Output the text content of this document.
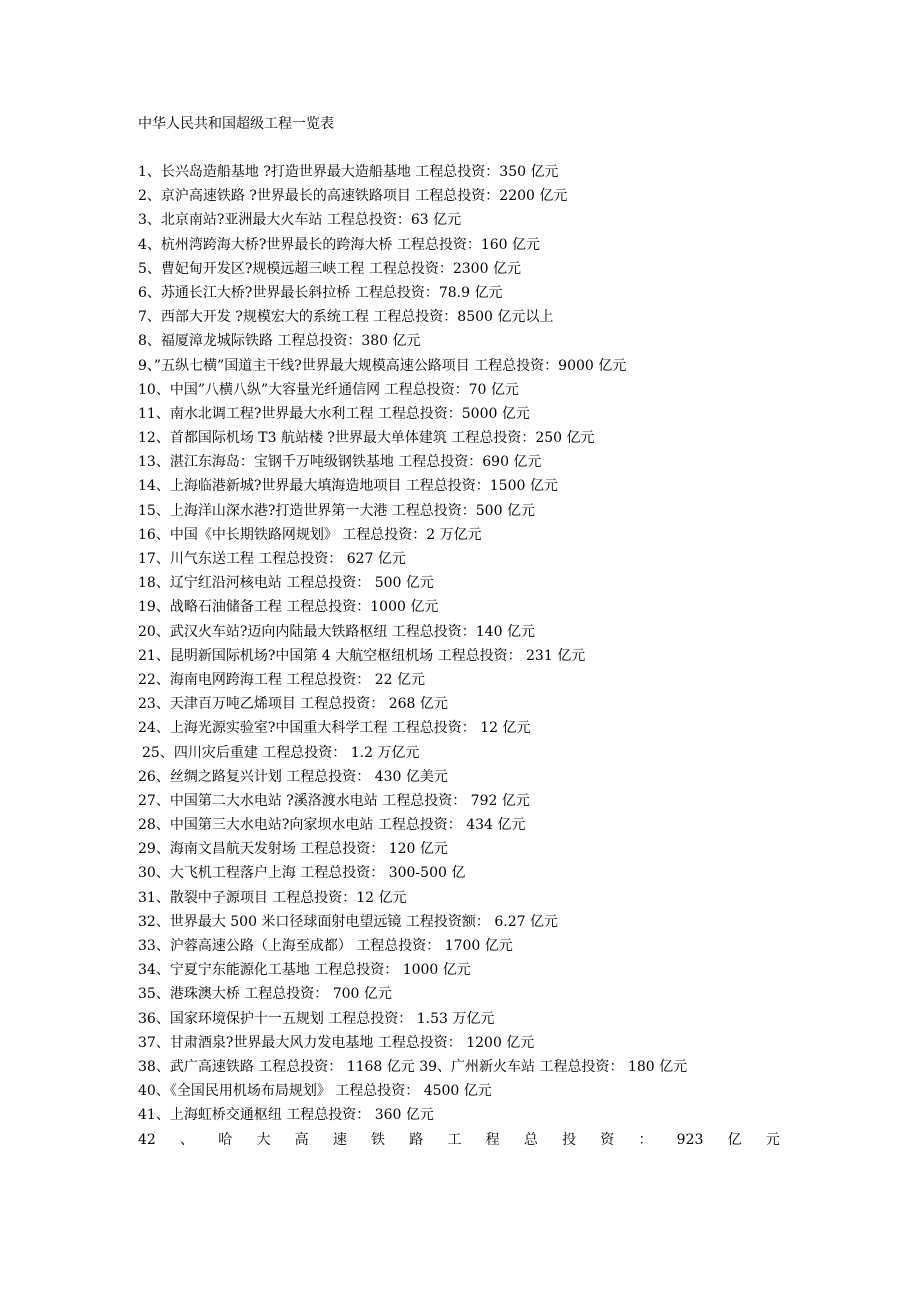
中华人民共和国超级工程一览表
1、长兴岛造船基地 ?打造世界最大造船基地 工程总投资：350 亿元
2、京沪高速铁路 ?世界最长的高速铁路项目 工程总投资：2200 亿元
3、北京南站?亚洲最大火车站 工程总投资：63 亿元
4、杭州湾跨海大桥?世界最长的跨海大桥 工程总投资：160 亿元
5、曹妃甸开发区?规模远超三峡工程 工程总投资：2300 亿元
6、苏通长江大桥?世界最长斜拉桥 工程总投资：78.9 亿元
7、西部大开发 ?规模宏大的系统工程 工程总投资：8500 亿元以上
8、福厦漳龙城际铁路 工程总投资：380 亿元
9、”五纵七横”国道主干线?世界最大规模高速公路项目 工程总投资：9000 亿元
10、中国”八横八纵”大容量光纤通信网 工程总投资：70 亿元
11、南水北调工程?世界最大水利工程 工程总投资：5000 亿元
12、首都国际机场 T3 航站楼 ?世界最大单体建筑 工程总投资：250 亿元
13、湛江东海岛：宝钢千万吨级钢铁基地 工程总投资：690 亿元
14、上海临港新城?世界最大填海造地项目 工程总投资：1500 亿元
15、上海洋山深水港?打造世界第一大港 工程总投资：500 亿元
16、中国《中长期铁路网规划》 工程总投资：2 万亿元
17、川气东送工程 工程总投资： 627 亿元
18、辽宁红沿河核电站 工程总投资： 500 亿元
19、战略石油储备工程 工程总投资：1000 亿元
20、武汉火车站?迈向内陆最大铁路枢纽 工程总投资：140 亿元
21、昆明新国际机场?中国第 4 大航空枢纽机场 工程总投资： 231 亿元
22、海南电网跨海工程 工程总投资： 22 亿元
23、天津百万吨乙烯项目 工程总投资： 268 亿元
24、上海光源实验室?中国重大科学工程 工程总投资： 12 亿元
25、四川灾后重建 工程总投资： 1.2 万亿元
26、丝绸之路复兴计划 工程总投资： 430 亿美元
27、中国第二大水电站 ?溪洛渡水电站 工程总投资： 792 亿元
28、中国第三大水电站?向家坝水电站 工程总投资： 434 亿元
29、海南文昌航天发射场 工程总投资： 120 亿元
30、大飞机工程落户上海 工程总投资： 300-500 亿
31、散裂中子源项目 工程总投资：12 亿元
32、世界最大 500 米口径球面射电望远镜 工程投资额： 6.27 亿元
33、沪蓉高速公路（上海至成都） 工程总投资： 1700 亿元
34、宁夏宁东能源化工基地 工程总投资： 1000 亿元
35、港珠澳大桥 工程总投资： 700 亿元
36、国家环境保护十一五规划 工程总投资： 1.53 万亿元
37、甘肃酒泉?世界最大风力发电基地 工程总投资： 1200 亿元
38、武广高速铁路 工程总投资： 1168 亿元 39、广州新火车站 工程总投资： 180 亿元
40、《全国民用机场布局规划》 工程总投资： 4500 亿元
41、上海虹桥交通枢纽 工程总投资： 360 亿元
42 、 哈 大 高 速 铁 路 工 程 总 投 资 ： 923 亿 元
